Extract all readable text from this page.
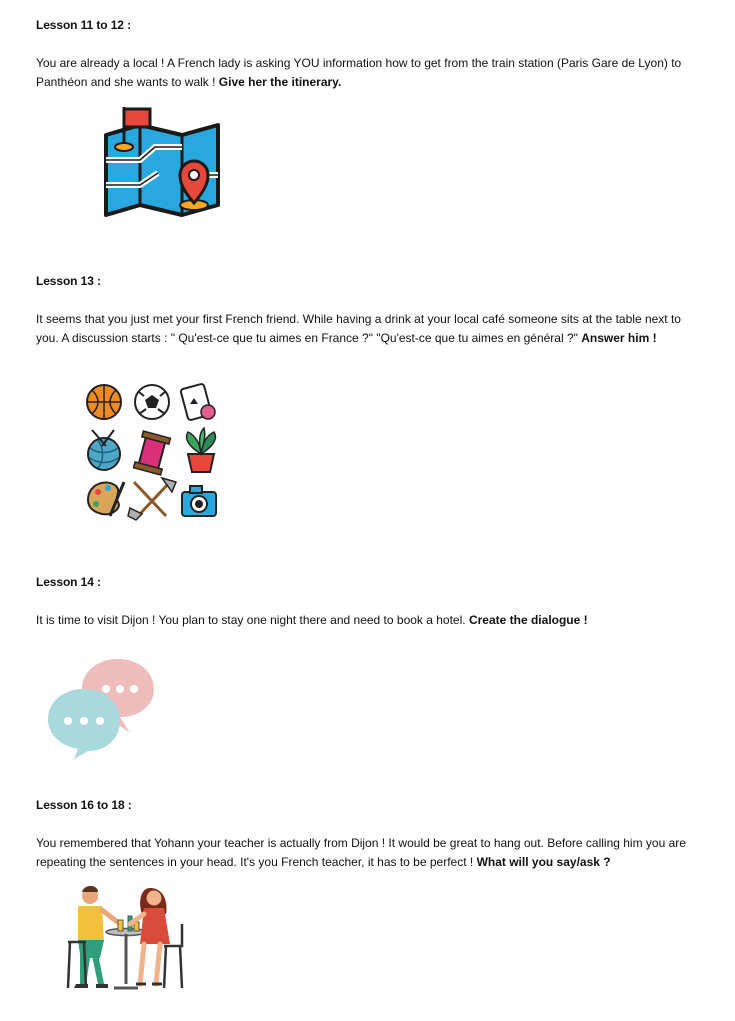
Lesson 11 to 12 :
You are already a local ! A French lady is asking YOU information how to get from the train station (Paris Gare de Lyon) to Panthéon and she wants to walk ! Give her the itinerary.
Lesson 13 :
It seems that you just met your first French friend. While having a drink at your local café someone sits at the table next to you. A discussion starts : " Qu'est-ce que tu aimes en France ?" "Qu'est-ce que tu aimes en général ?" Answer him !
Lesson 14 :
It is time to visit Dijon ! You plan to stay one night there and need to book a hotel. Create the dialogue !
Lesson 16 to 18 :
You remembered that Yohann your teacher is actually from Dijon ! It would be great to hang out. Before calling him you are repeating the sentences in your head. It's you French teacher, it has to be perfect ! What will you say/ask ?
